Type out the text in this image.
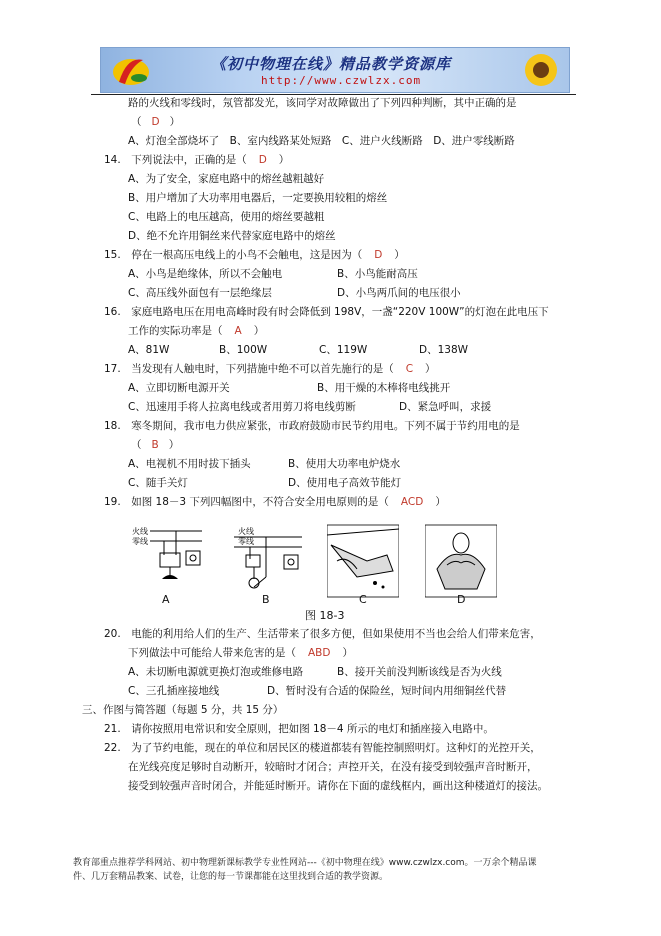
《初中物理在线》精品教学资源库
http://www.czwlzx.com
路的火线和零线时，氖管都发光，该同学对故障做出了下列四种判断，其中正确的是
（ D ）
A、灯泡全部烧坏了　B、室内线路某处短路　C、进户火线断路　D、进户零线断路
14.　下列说法中，正确的是（ D ）
A、为了安全，家庭电路中的熔丝越粗越好
B、用户增加了大功率用电器后，一定要换用较粗的熔丝
C、电路上的电压越高，使用的熔丝要越粗
D、绝不允许用铜丝来代替家庭电路中的熔丝
15.　停在一根高压电线上的小鸟不会触电，这是因为（ D ）
A、小鸟是绝缘体，所以不会触电	B、小鸟能耐高压
C、高压线外面包有一层绝缘层	D、小鸟两爪间的电压很小
16.　家庭电路电压在用电高峰时段有时会降低到 198V，一盏“220V 100W”的灯泡在此电压下
工作的实际功率是（ A ）
A、81W	B、100W	C、119W	D、138W
17.　当发现有人触电时，下列措施中绝不可以首先施行的是（ C ）
A、立即切断电源开关	B、用干燥的木棒将电线挑开
C、迅速用手将人拉离电线或者用剪刀将电线剪断	D、紧急呼叫，求援
18.　寒冬期间，我市电力供应紧张，市政府鼓励市民节约用电。下列不属于节约用电的是
（ B ）
A、电视机不用时拔下插头	B、使用大功率电炉烧水
C、随手关灯	D、使用电子高效节能灯
19.　如图 18－3 下列四幅图中，不符合安全用电原则的是（ ACD ）
火线
零线
A
火线
零线
B	C	D
图 18-3
20.　电能的利用给人们的生产、生活带来了很多方便，但如果使用不当也会给人们带来危害，
下列做法中可能给人带来危害的是（ ABD ）
A、未切断电源就更换灯泡或维修电路	B、接开关前没判断该线是否为火线
C、三孔插座接地线	D、暂时没有合适的保险丝，短时间内用细铜丝代替
三、作图与简答题（每题 5 分，共 15 分）
21.　请你按照用电常识和安全原则，把如图 18－4 所示的电灯和插座接入电路中。
22.　为了节约电能，现在的单位和居民区的楼道都装有智能控制照明灯。这种灯的光控开关，
在光线亮度足够时自动断开，较暗时才闭合；声控开关，在没有接受到较强声音时断开，
接受到较强声音时闭合，并能延时断开。请你在下面的虚线框内，画出这种楼道灯的接法。
教育部重点推荐学科网站、初中物理新课标教学专业性网站---《初中物理在线》www.czwlzx.com。一万余个精品课
件、几万套精品教案、试卷，让您的每一节课都能在这里找到合适的教学资源。
